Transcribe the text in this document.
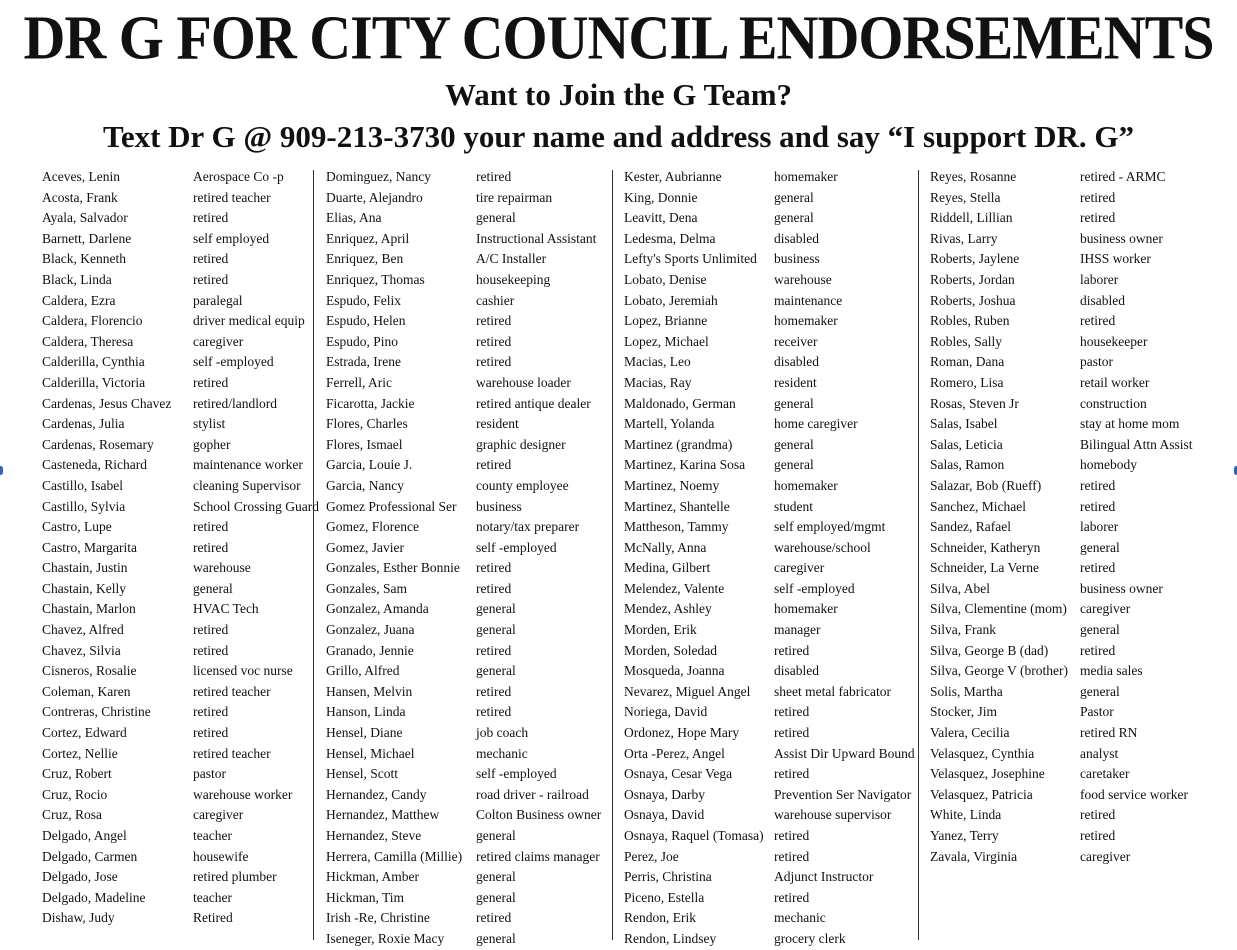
DR G FOR CITY COUNCIL ENDORSEMENTS
Want to Join the G Team?
Text Dr G @ 909-213-3730 your name and address and say “I support DR. G”
Aceves, Lenin	Aerospace Co -p
Acosta, Frank	retired teacher
Ayala, Salvador	retired
Barnett, Darlene	self employed
Black, Kenneth	retired
Black, Linda	retired
Caldera, Ezra	paralegal
Caldera, Florencio	driver medical equip
Caldera, Theresa	caregiver
Calderilla, Cynthia	self -employed
Calderilla, Victoria	retired
Cardenas, Jesus Chavez retired/landlord
Cardenas, Julia	stylist
Cardenas, Rosemary	gopher
Casteneda, Richard	maintenance worker
Castillo, Isabel	cleaning Supervisor
Castillo, Sylvia	School Crossing Guard
Castro, Lupe	retired
Castro, Margarita	retired
Chastain, Justin	warehouse
Chastain, Kelly	general
Chastain, Marlon	HVAC Tech
Chavez, Alfred	retired
Chavez, Silvia	retired
Cisneros, Rosalie	licensed voc nurse
Coleman, Karen	retired teacher
Contreras, Christine	retired
Cortez, Edward	retired
Cortez, Nellie	retired teacher
Cruz, Robert	pastor
Cruz, Rocio	warehouse worker
Cruz, Rosa	caregiver
Delgado, Angel	teacher
Delgado, Carmen	housewife
Delgado, Jose	retired plumber
Delgado, Madeline	teacher
Dishaw, Judy	Retired
Dominguez, Nancy	retired
Duarte, Alejandro	tire repairman
Elias, Ana	general
Enriquez, April	Instructional Assistant
Enriquez, Ben	A/C Installer
Enriquez, Thomas	housekeeping
Espudo, Felix	cashier
Espudo, Helen	retired
Espudo, Pino	retired
Estrada, Irene	retired
Ferrell, Aric	warehouse loader
Ficarotta, Jackie	retired antique dealer
Flores, Charles	resident
Flores, Ismael	graphic designer
Garcia, Louie J.	retired
Garcia, Nancy	county employee
Gomez Professional Ser business
Gomez, Florence	notary/tax preparer
Gomez, Javier	self -employed
Gonzales, Esther Bonnie retired
Gonzales, Sam	retired
Gonzalez, Amanda	general
Gonzalez, Juana	general
Granado, Jennie	retired
Grillo, Alfred	general
Hansen, Melvin	retired
Hanson, Linda	retired
Hensel, Diane	job coach
Hensel, Michael	mechanic
Hensel, Scott	self -employed
Hernandez, Candy	road driver - railroad
Hernandez, Matthew	Colton Business owner
Hernandez, Steve	general
Herrera, Camilla (Millie) retired claims manager
Hickman, Amber	general
Hickman, Tim	general
Irish -Re, Christine	retired
Iseneger, Roxie Macy general
Kester, Aubrianne	homemaker
King, Donnie	general
Leavitt, Dena	general
Ledesma, Delma	disabled
Lefty's Sports Unlimited business
Lobato, Denise	warehouse
Lobato, Jeremiah	maintenance
Lopez, Brianne	homemaker
Lopez, Michael	receiver
Macias, Leo	disabled
Macias, Ray	resident
Maldonado, German	general
Martell, Yolanda	home caregiver
Martinez (grandma)	general
Martinez, Karina Sosa general
Martinez, Noemy	homemaker
Martinez, Shantelle	student
Mattheson, Tammy	self employed/mgmt
McNally, Anna	warehouse/school
Medina, Gilbert	caregiver
Melendez, Valente	self -employed
Mendez, Ashley	homemaker
Morden, Erik	manager
Morden, Soledad	retired
Mosqueda, Joanna	disabled
Nevarez, Miguel Angel sheet metal fabricator
Noriega, David	retired
Ordonez, Hope Mary	retired
Orta -Perez, Angel	Assist Dir Upward Bound
Osnaya, Cesar Vega	retired
Osnaya, Darby	Prevention Ser Navigator
Osnaya, David	warehouse supervisor
Osnaya, Raquel (Tomasa) retired
Perez, Joe	retired
Perris, Christina	Adjunct Instructor
Piceno, Estella	retired
Rendon, Erik	mechanic
Rendon, Lindsey	grocery clerk
Reyes, Rosanne	retired - ARMC
Reyes, Stella	retired
Riddell, Lillian	retired
Rivas, Larry	business owner
Roberts, Jaylene	IHSS worker
Roberts, Jordan	laborer
Roberts, Joshua	disabled
Robles, Ruben	retired
Robles, Sally	housekeeper
Roman, Dana	pastor
Romero, Lisa	retail worker
Rosas, Steven Jr	construction
Salas, Isabel	stay at home mom
Salas, Leticia	Bilingual Attn Assist
Salas, Ramon	homebody
Salazar, Bob (Rueff)	retired
Sanchez, Michael	retired
Sandez, Rafael	laborer
Schneider, Katheryn	general
Schneider, La Verne	retired
Silva, Abel	business owner
Silva, Clementine (mom) caregiver
Silva, Frank	general
Silva, George B (dad) retired
Silva, George V (brother) media sales
Solis, Martha	general
Stocker, Jim	Pastor
Valera, Cecilia	retired RN
Velasquez, Cynthia	analyst
Velasquez, Josephine	caretaker
Velasquez, Patricia	food service worker
White, Linda	retired
Yanez, Terry	retired
Zavala, Virginia	caregiver
